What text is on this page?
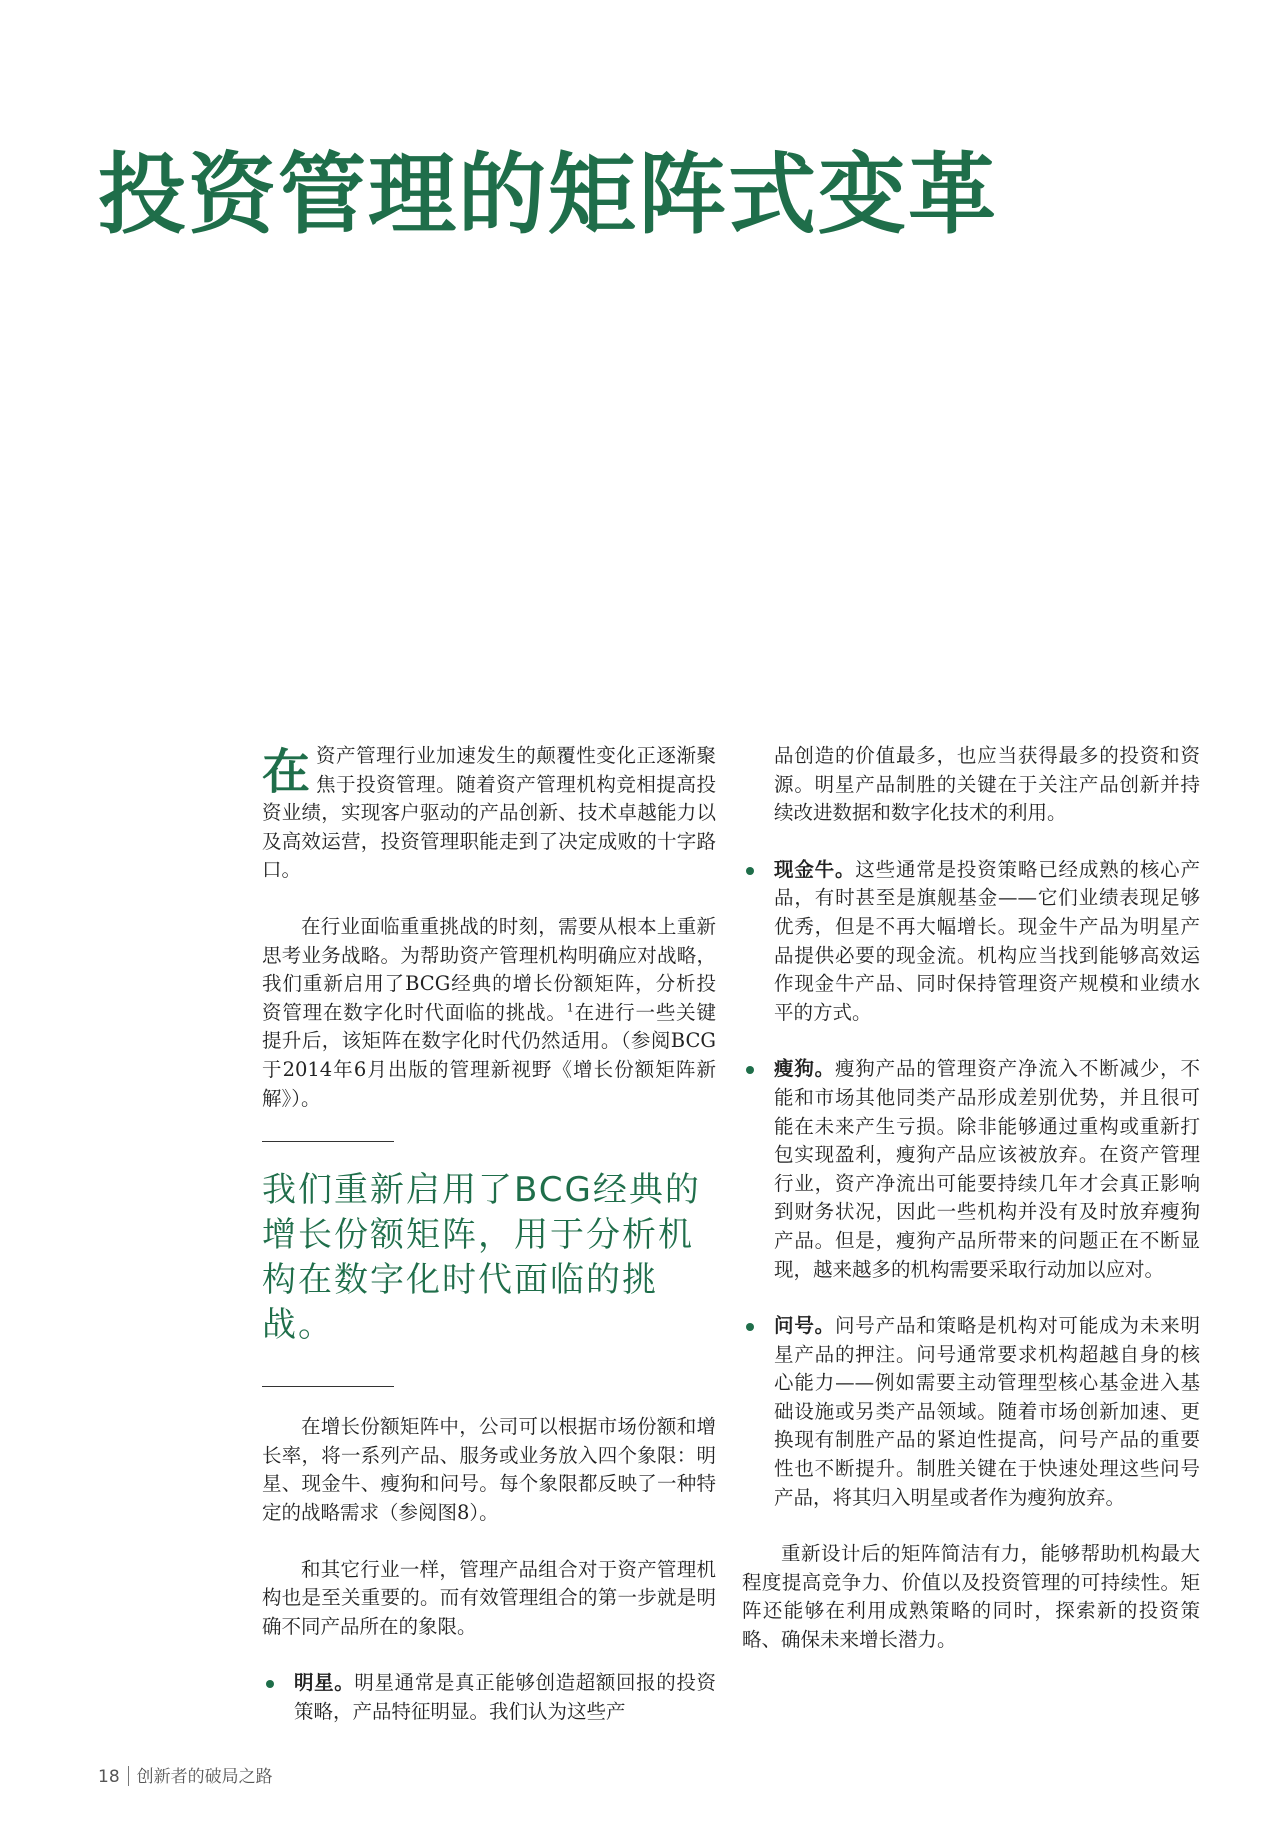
投资管理的矩阵式变革
在资产管理行业加速发生的颠覆性变化正逐渐聚焦于投资管理。随着资产管理机构竞相提高投资业绩，实现客户驱动的产品创新、技术卓越能力以及高效运营，投资管理职能走到了决定成败的十字路口。
在行业面临重重挑战的时刻，需要从根本上重新思考业务战略。为帮助资产管理机构明确应对战略，我们重新启用了BCG经典的增长份额矩阵，分析投资管理在数字化时代面临的挑战。$^1$在进行一些关键提升后，该矩阵在数字化时代仍然适用。（参阅BCG于2014年6月出版的管理新视野《增长份额矩阵新解》）。
我们重新启用了BCG经典的增长份额矩阵，用于分析机构在数字化时代面临的挑战。
在增长份额矩阵中，公司可以根据市场份额和增长率，将一系列产品、服务或业务放入四个象限：明星、现金牛、瘦狗和问号。每个象限都反映了一种特定的战略需求（参阅图8）。
和其它行业一样，管理产品组合对于资产管理机构也是至关重要的。而有效管理组合的第一步就是明确不同产品所在的象限。
明星。明星通常是真正能够创造超额回报的投资策略，产品特征明显。我们认为这些产
品创造的价值最多，也应当获得最多的投资和资源。明星产品制胜的关键在于关注产品创新并持续改进数据和数字化技术的利用。
现金牛。这些通常是投资策略已经成熟的核心产品，有时甚至是旗舰基金——它们业绩表现足够优秀，但是不再大幅增长。现金牛产品为明星产品提供必要的现金流。机构应当找到能够高效运作现金牛产品、同时保持管理资产规模和业绩水平的方式。
瘦狗。瘦狗产品的管理资产净流入不断减少，不能和市场其他同类产品形成差别优势，并且很可能在未来产生亏损。除非能够通过重构或重新打包实现盈利，瘦狗产品应该被放弃。在资产管理行业，资产净流出可能要持续几年才会真正影响到财务状况，因此一些机构并没有及时放弃瘦狗产品。但是，瘦狗产品所带来的问题正在不断显现，越来越多的机构需要采取行动加以应对。
问号。问号产品和策略是机构对可能成为未来明星产品的押注。问号通常要求机构超越自身的核心能力——例如需要主动管理型核心基金进入基础设施或另类产品领域。随着市场创新加速、更换现有制胜产品的紧迫性提高，问号产品的重要性也不断提升。制胜关键在于快速处理这些问号产品，将其归入明星或者作为瘦狗放弃。
重新设计后的矩阵简洁有力，能够帮助机构最大程度提高竞争力、价值以及投资管理的可持续性。矩阵还能够在利用成熟策略的同时，探索新的投资策略、确保未来增长潜力。
18 创新者的破局之路
